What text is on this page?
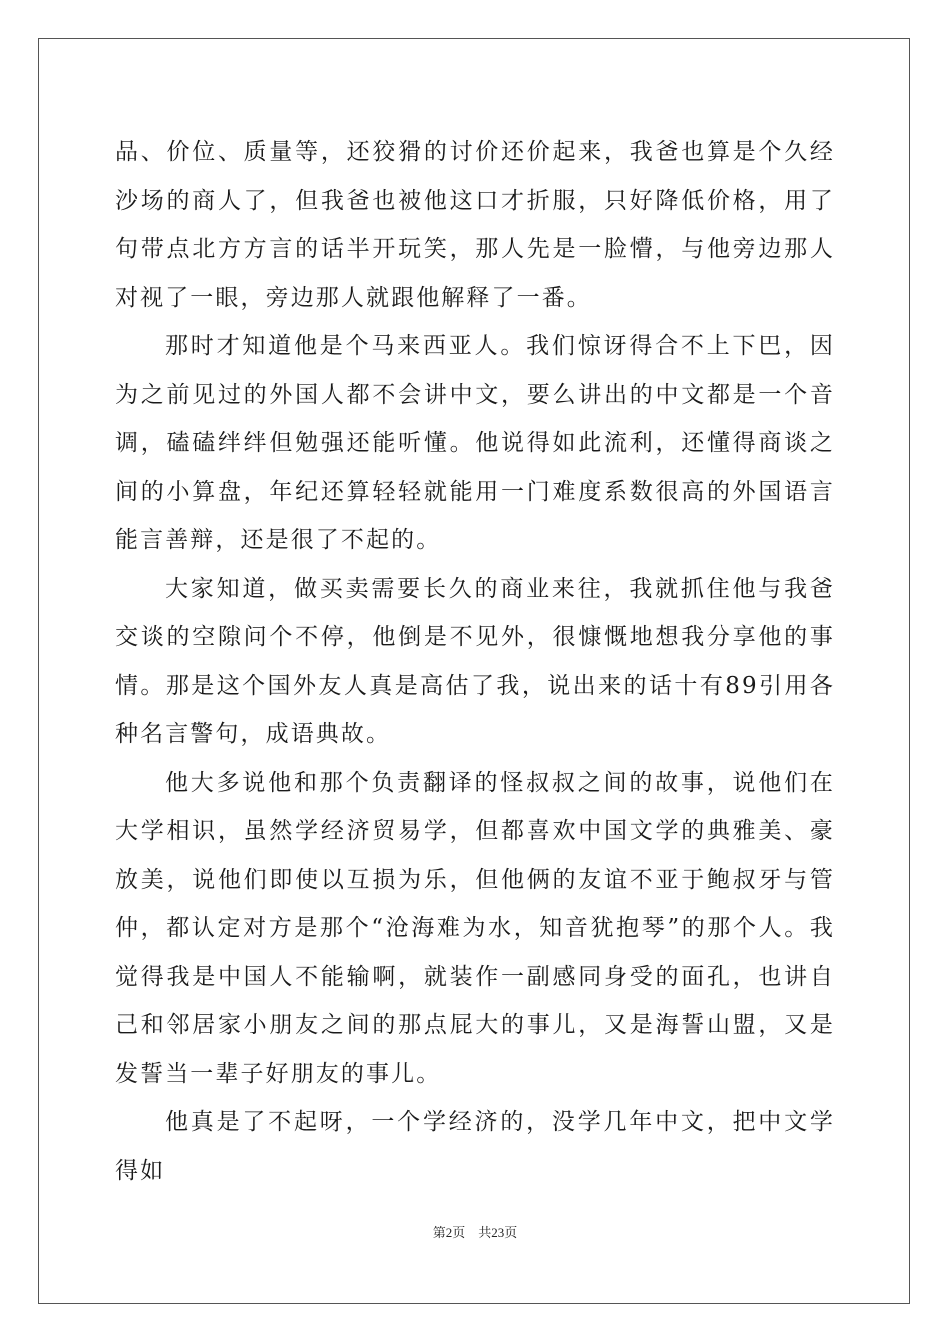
品、价位、质量等，还狡猾的讨价还价起来，我爸也算是个久经沙场的商人了，但我爸也被他这口才折服，只好降低价格，用了句带点北方方言的话半开玩笑，那人先是一脸懵，与他旁边那人对视了一眼，旁边那人就跟他解释了一番。

那时才知道他是个马来西亚人。我们惊讶得合不上下巴，因为之前见过的外国人都不会讲中文，要么讲出的中文都是一个音调，磕磕绊绊但勉强还能听懂。他说得如此流利，还懂得商谈之间的小算盘，年纪还算轻轻就能用一门难度系数很高的外国语言能言善辩，还是很了不起的。

大家知道，做买卖需要长久的商业来往，我就抓住他与我爸交谈的空隙问个不停，他倒是不见外，很慷慨地想我分享他的事情。那是这个国外友人真是高估了我，说出来的话十有89引用各种名言警句，成语典故。

他大多说他和那个负责翻译的怪叔叔之间的故事，说他们在大学相识，虽然学经济贸易学，但都喜欢中国文学的典雅美、豪放美，说他们即使以互损为乐，但他俩的友谊不亚于鲍叔牙与管仲，都认定对方是那个“沧海难为水，知音犹抱琴”的那个人。我觉得我是中国人不能输啊，就装作一副感同身受的面孔，也讲自己和邻居家小朋友之间的那点屁大的事儿，又是海誓山盟，又是发誓当一辈子好朋友的事儿。

他真是了不起呀，一个学经济的，没学几年中文，把中文学得如

第2页 共23页
